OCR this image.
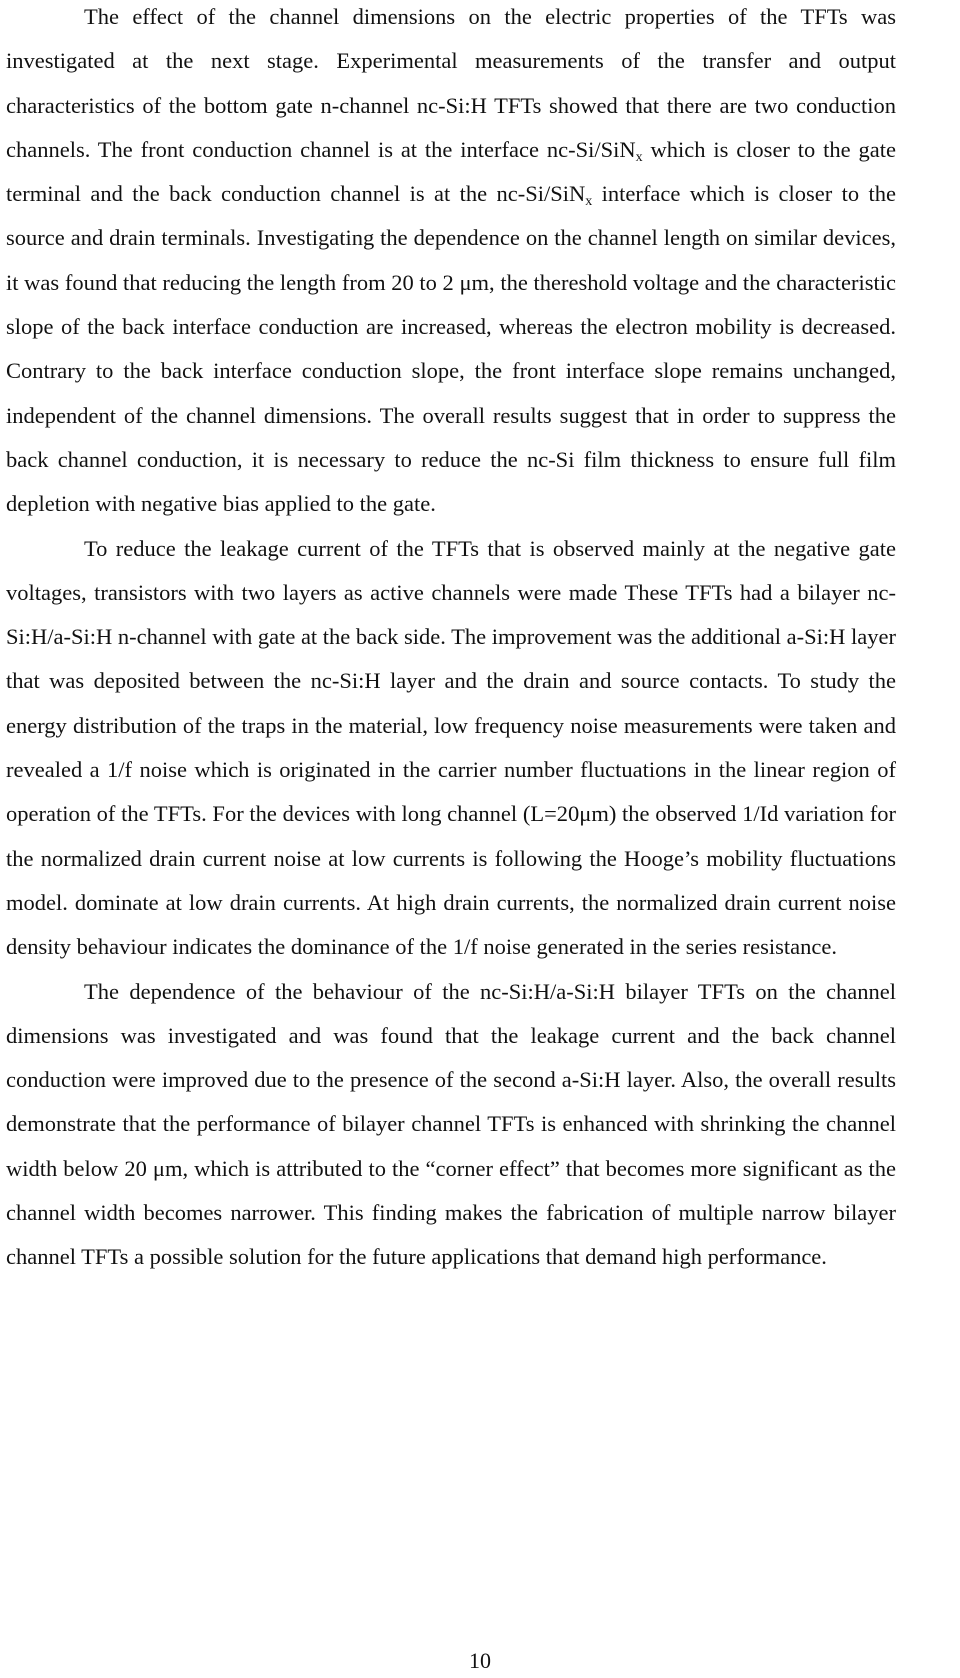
The effect of the channel dimensions on the electric properties of the TFTs was investigated at the next stage. Experimental measurements of the transfer and output characteristics of the bottom gate n-channel nc-Si:H TFTs showed that there are two conduction channels. The front conduction channel is at the interface nc-Si/SiN$_x$ which is closer to the gate terminal and the back conduction channel is at the nc-Si/SiN$_x$ interface which is closer to the source and drain terminals. Investigating the dependence on the channel length on similar devices, it was found that reducing the length from 20 to 2 μm, the thereshold voltage and the characteristic slope of the back interface conduction are increased, whereas the electron mobility is decreased. Contrary to the back interface conduction slope, the front interface slope remains unchanged, independent of the channel dimensions. The overall results suggest that in order to suppress the back channel conduction, it is necessary to reduce the nc-Si film thickness to ensure full film depletion with negative bias applied to the gate.

To reduce the leakage current of the TFTs that is observed mainly at the negative gate voltages, transistors with two layers as active channels were made These TFTs had a bilayer nc-Si:H/a-Si:H n-channel with gate at the back side. The improvement was the additional a-Si:H layer that was deposited between the nc-Si:H layer and the drain and source contacts. To study the energy distribution of the traps in the material, low frequency noise measurements were taken and revealed a 1/f noise which is originated in the carrier number fluctuations in the linear region of operation of the TFTs. For the devices with long channel (L=20μm) the observed 1/Id variation for the normalized drain current noise at low currents is following the Hooge’s mobility fluctuations model. dominate at low drain currents. At high drain currents, the normalized drain current noise density behaviour indicates the dominance of the 1/f noise generated in the series resistance.

The dependence of the behaviour of the nc-Si:H/a-Si:H bilayer TFTs on the channel dimensions was investigated and was found that the leakage current and the back channel conduction were improved due to the presence of the second a-Si:H layer. Also, the overall results demonstrate that the performance of bilayer channel TFTs is enhanced with shrinking the channel width below 20 μm, which is attributed to the “corner effect” that becomes more significant as the channel width becomes narrower. This finding makes the fabrication of multiple narrow bilayer channel TFTs a possible solution for the future applications that demand high performance.

10
